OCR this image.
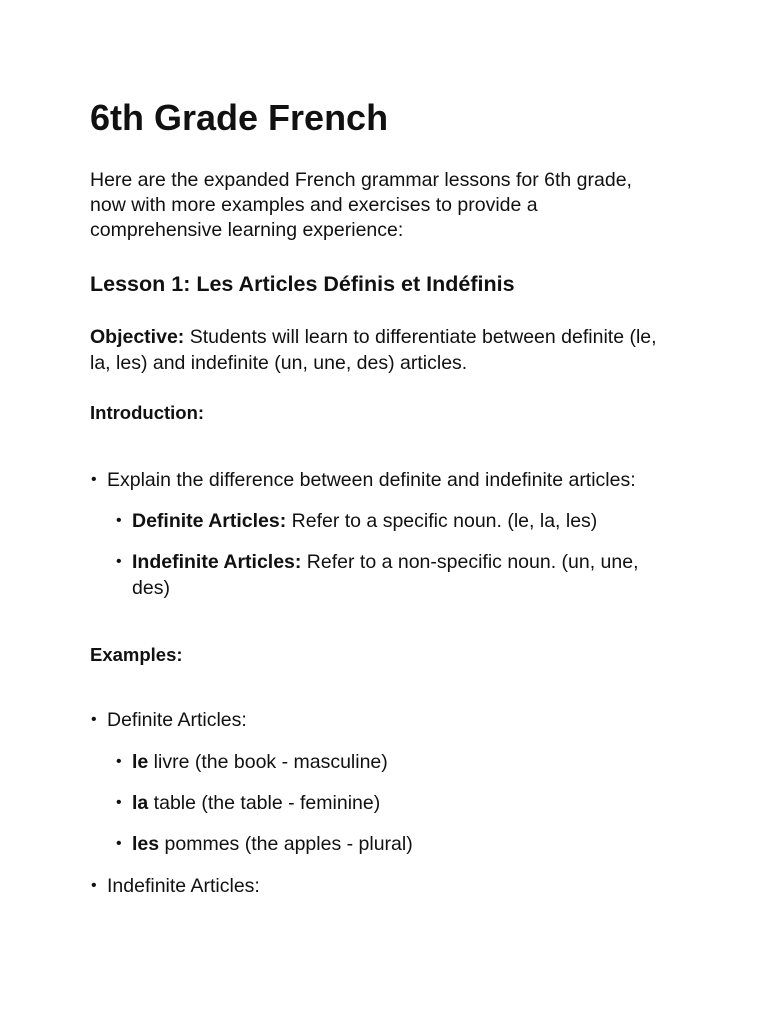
6th Grade French

Here are the expanded French grammar lessons for 6th grade, now with more examples and exercises to provide a comprehensive learning experience:

Lesson 1: Les Articles Définis et Indéfinis

Objective: Students will learn to differentiate between definite (le, la, les) and indefinite (un, une, des) articles.

Introduction:

• Explain the difference between definite and indefinite articles:
• Definite Articles: Refer to a specific noun. (le, la, les)
• Indefinite Articles: Refer to a non-specific noun. (un, une, des)

Examples:

• Definite Articles:
• le livre (the book - masculine)
• la table (the table - feminine)
• les pommes (the apples - plural)
• Indefinite Articles:
